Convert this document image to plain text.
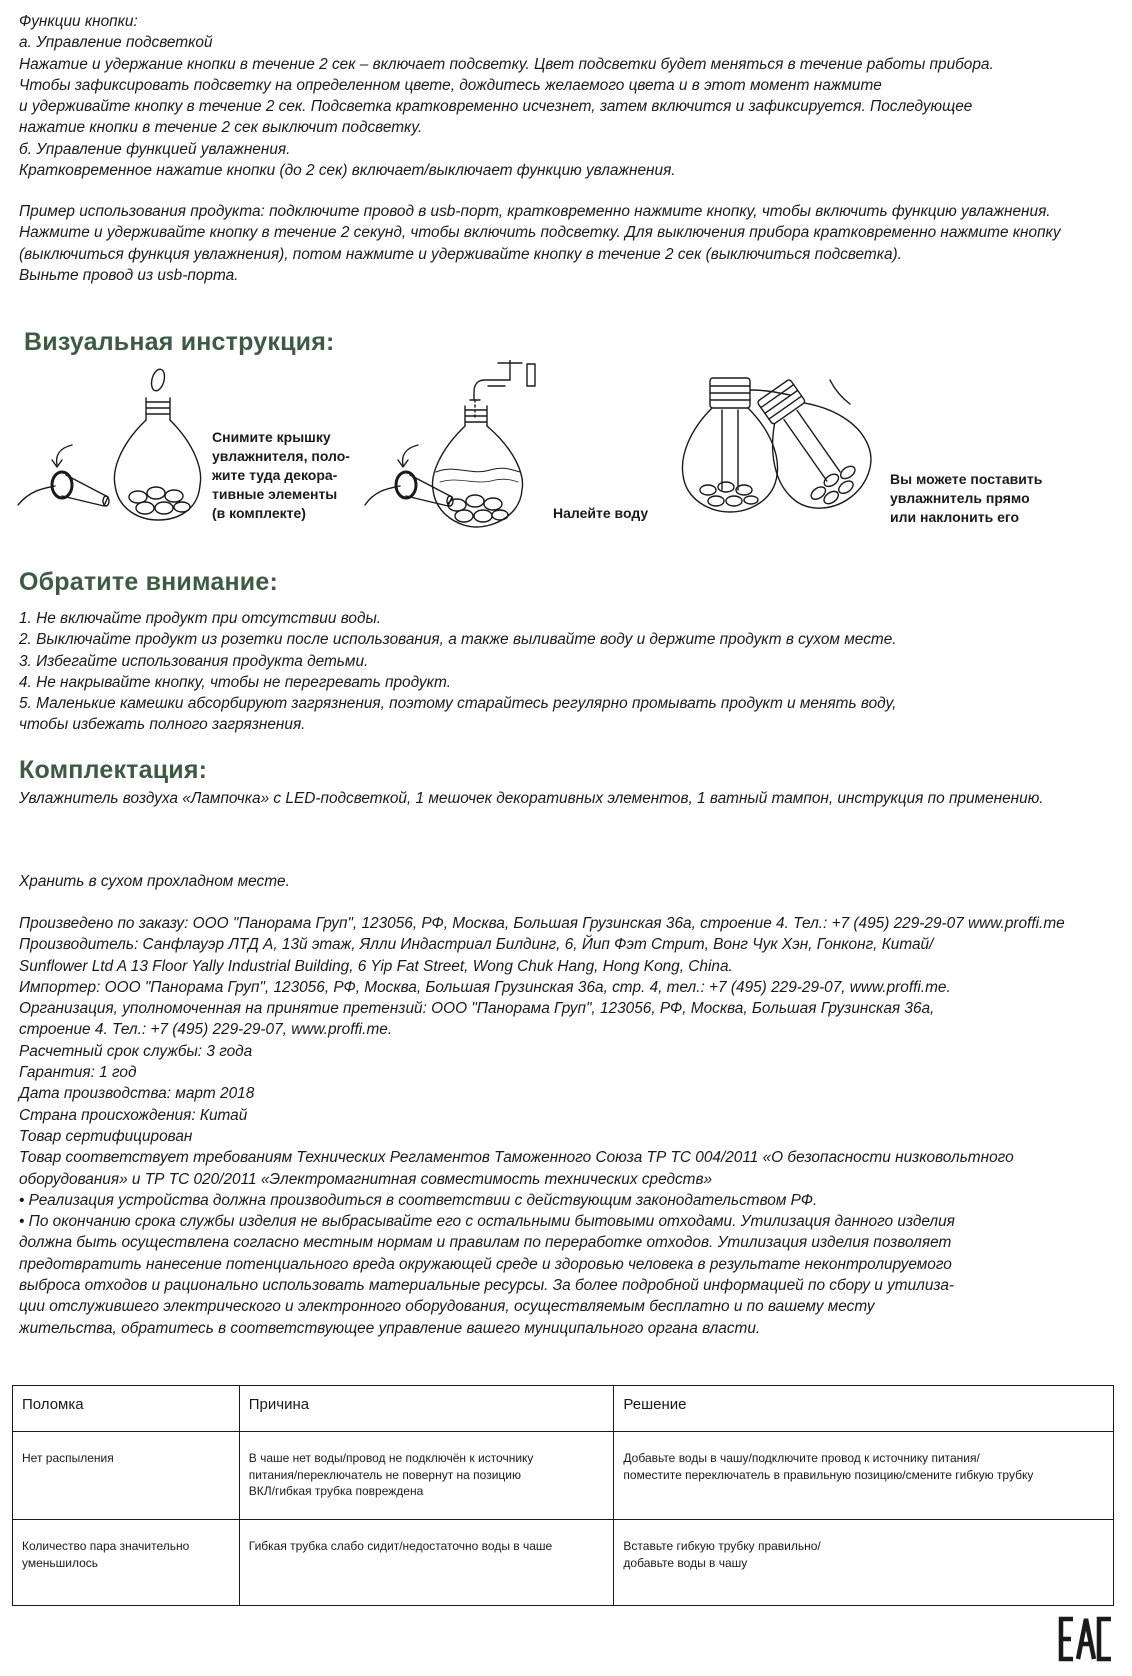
Функции кнопки:
а. Управление подсветкой
Нажатие и удержание кнопки в течение 2 сек – включает подсветку. Цвет подсветки будет меняться в течение работы прибора.
Чтобы зафиксировать подсветку на определенном цвете, дождитесь желаемого цвета и в этот момент нажмите
и удерживайте кнопку в течение 2 сек. Подсветка кратковременно исчезнет, затем включится и зафиксируется. Последующее
нажатие кнопки в течение 2 сек выключит подсветку.
б. Управление функцией увлажнения.
Кратковременное нажатие кнопки (до 2 сек) включает/выключает функцию увлажнения.
Пример использования продукта: подключите провод в usb-порт, кратковременно нажмите кнопку, чтобы включить функцию увлажнения.
Нажмите и удерживайте кнопку в течение 2 секунд, чтобы включить подсветку. Для выключения прибора кратковременно нажмите кнопку
(выключиться функция увлажнения), потом нажмите и удерживайте кнопку в течение 2 сек (выключиться подсветка).
Выньте провод из usb-порта.
Визуальная инструкция:
Снимите крышку
увлажнителя, поло-
жите туда декора-
тивные элементы
(в комплекте)	Налейте воду
Вы можете поставить
увлажнитель прямо
или наклонить его
Обратите внимание:
1. Не включайте продукт при отсутствии воды.
2. Выключайте продукт из розетки после использования, а также выливайте воду и держите продукт в сухом месте.
3. Избегайте использования продукта детьми.
4. Не накрывайте кнопку, чтобы не перегревать продукт.
5. Маленькие камешки абсорбируют загрязнения, поэтому старайтесь регулярно промывать продукт и менять воду,
чтобы избежать полного загрязнения.
Комплектация:
Увлажнитель воздуха «Лампочка» с LED-подсветкой, 1 мешочек декоративных элементов, 1 ватный тампон, инструкция по применению.
Хранить в сухом прохладном месте.
Произведено по заказу: ООО "Панорама Груп", 123056, РФ, Москва, Большая Грузинская 36а, строение 4. Тел.: +7 (495) 229-29-07 www.proffi.me
Производитель: Санфлауэр ЛТД А, 13й этаж, Ялли Индастриал Билдинг, 6, Йип Фэт Стрит, Вонг Чук Хэн, Гонконг, Китай/
Sunflower Ltd A 13 Floor Yally Industrial Building, 6 Yip Fat Street, Wong Chuk Hang, Hong Kong, China.
Импортер: ООО "Панорама Груп", 123056, РФ, Москва, Большая Грузинская 36а, стр. 4, тел.: +7 (495) 229-29-07, www.proffi.me.
Организация, уполномоченная на принятие претензий: ООО "Панорама Груп", 123056, РФ, Москва, Большая Грузинская 36а,
строение 4. Тел.: +7 (495) 229-29-07, www.proffi.me.
Расчетный срок службы: 3 года
Гарантия: 1 год
Дата производства: март 2018
Страна происхождения: Китай
Товар сертифицирован
Товар соответствует требованиям Технических Регламентов Таможенного Союза ТР ТС 004/2011 «О безопасности низковольтного
оборудования» и ТР ТС 020/2011 «Электромагнитная совместимость технических средств»
• Реализация устройства должна производиться в соответствии с действующим законодательством РФ.
• По окончанию срока службы изделия не выбрасывайте его с остальными бытовыми отходами. Утилизация данного изделия
должна быть осуществлена согласно местным нормам и правилам по переработке отходов. Утилизация изделия позволяет
предотвратить нанесение потенциального вреда окружающей среде и здоровью человека в результате неконтролируемого
выброса отходов и рационально использовать материальные ресурсы. За более подробной информацией по сбору и утилиза-
ции отслужившего электрического и электронного оборудования, осуществляемым бесплатно и по вашему месту
жительства, обратитесь в соответствующее управление вашего муниципального органа власти.
Поломка	Причина	Решение

Нет распыления	В чаше нет воды/провод не подключён к источнику
питания/переключатель не повернут на позицию
ВКЛ/гибкая трубка повреждена	Добавьте воды в чашу/подключите провод к источнику питания/
поместите переключатель в правильную позицию/смените гибкую трубку

Количество пара значительно
уменьшилось	Гибкая трубка слабо сидит/недостаточно воды в чаше	Вставьте гибкую трубку правильно/
добавьте воды в чашу
